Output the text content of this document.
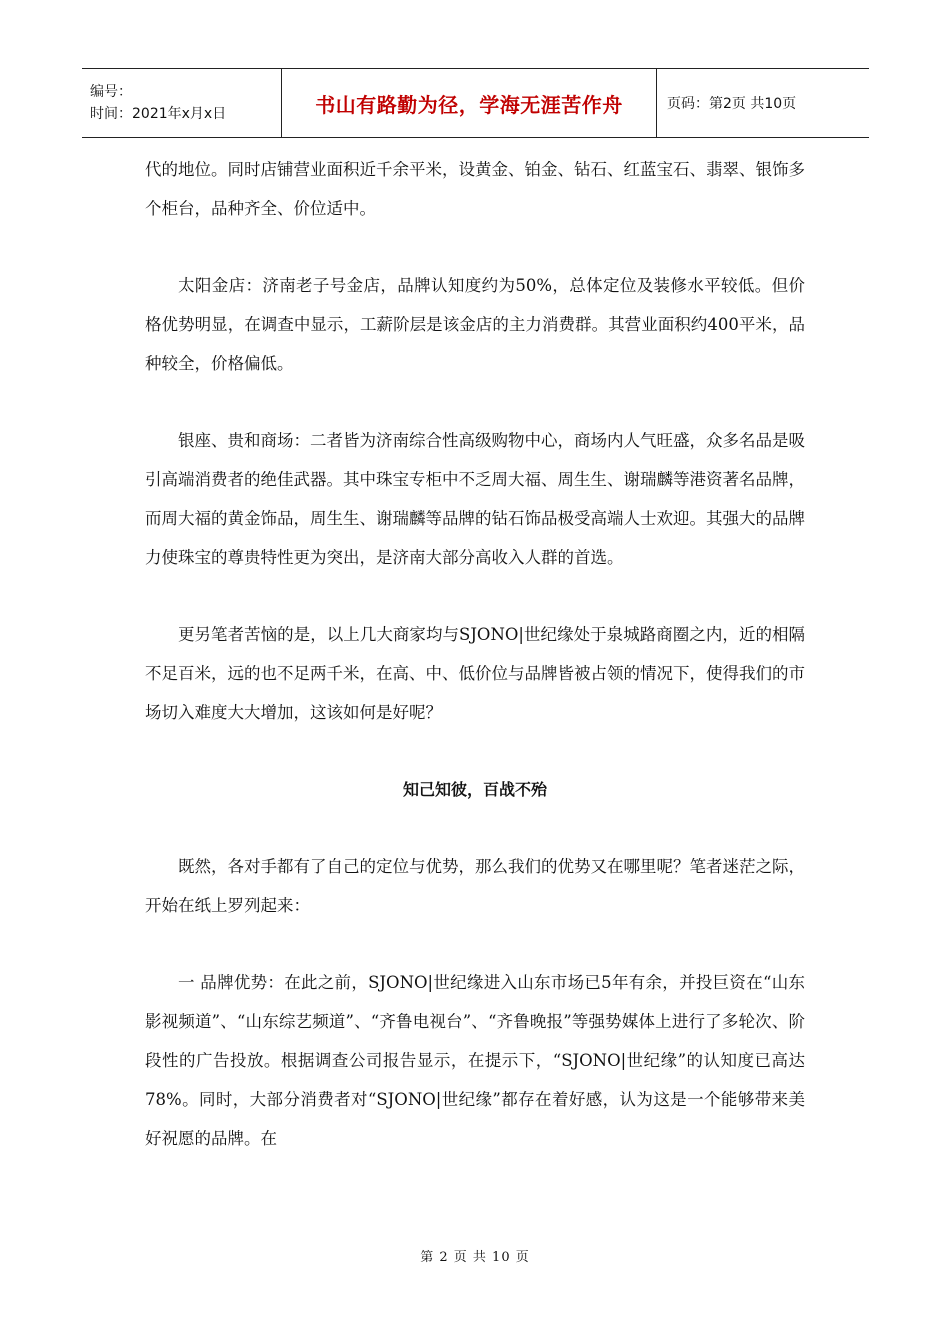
编号：
时间：2021年x月x日	书山有路勤为径，学海无涯苦作舟	页码：第2页 共10页

代的地位。同时店铺营业面积近千余平米，设黄金、铂金、钻石、红蓝宝石、翡翠、银饰多个柜台，品种齐全、价位适中。

太阳金店：济南老子号金店，品牌认知度约为50%，总体定位及装修水平较低。但价格优势明显，在调查中显示，工薪阶层是该金店的主力消费群。其营业面积约400平米，品种较全，价格偏低。

银座、贵和商场：二者皆为济南综合性高级购物中心，商场内人气旺盛，众多名品是吸引高端消费者的绝佳武器。其中珠宝专柜中不乏周大福、周生生、谢瑞麟等港资著名品牌，而周大福的黄金饰品，周生生、谢瑞麟等品牌的钻石饰品极受高端人士欢迎。其强大的品牌力使珠宝的尊贵特性更为突出，是济南大部分高收入人群的首选。

更另笔者苦恼的是，以上几大商家均与SJONO|世纪缘处于泉城路商圈之内，近的相隔不足百米，远的也不足两千米，在高、中、低价位与品牌皆被占领的情况下，使得我们的市场切入难度大大增加，这该如何是好呢？

知己知彼，百战不殆

既然，各对手都有了自己的定位与优势，那么我们的优势又在哪里呢？笔者迷茫之际，开始在纸上罗列起来：

一 品牌优势：在此之前，SJONO|世纪缘进入山东市场已5年有余，并投巨资在“山东影视频道”、“山东综艺频道”、“齐鲁电视台”、“齐鲁晚报”等强势媒体上进行了多轮次、阶段性的广告投放。根据调查公司报告显示，在提示下，“SJONO|世纪缘”的认知度已高达78%。同时，大部分消费者对“SJONO|世纪缘”都存在着好感，认为这是一个能够带来美好祝愿的品牌。在

第 2 页 共 10 页
